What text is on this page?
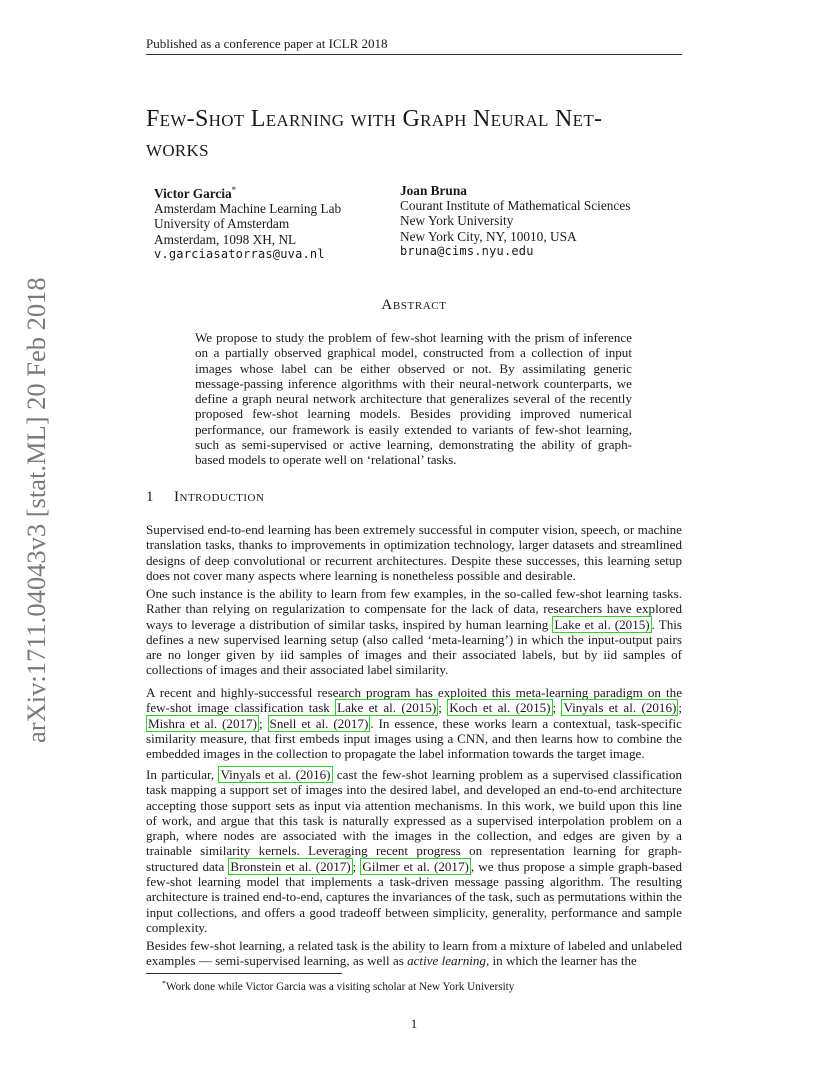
Published as a conference paper at ICLR 2018
arXiv:1711.04043v3 [stat.ML] 20 Feb 2018
Few-Shot Learning with Graph Neural Net-
works
Victor Garcia*
Amsterdam Machine Learning Lab
University of Amsterdam
Amsterdam, 1098 XH, NL
v.garciasatorras@uva.nl
Joan Bruna
Courant Institute of Mathematical Sciences
New York University
New York City, NY, 10010, USA
bruna@cims.nyu.edu
Abstract
We propose to study the problem of few-shot learning with the prism of inference on a partially observed graphical model, constructed from a collection of input images whose label can be either observed or not. By assimilating generic message-passing inference algorithms with their neural-network counterparts, we define a graph neural network architecture that generalizes several of the recently proposed few-shot learning models. Besides providing improved numerical performance, our framework is easily extended to variants of few-shot learning, such as semi-supervised or active learning, demonstrating the ability of graph-based models to operate well on ‘relational’ tasks.
1 Introduction

Supervised end-to-end learning has been extremely successful in computer vision, speech, or machine translation tasks, thanks to improvements in optimization technology, larger datasets and streamlined designs of deep convolutional or recurrent architectures. Despite these successes, this learning setup does not cover many aspects where learning is nonetheless possible and desirable.

One such instance is the ability to learn from few examples, in the so-called few-shot learning tasks. Rather than relying on regularization to compensate for the lack of data, researchers have explored ways to leverage a distribution of similar tasks, inspired by human learning Lake et al. (2015) . This defines a new supervised learning setup (also called ‘meta-learning’) in which the input-output pairs are no longer given by iid samples of images and their associated labels, but by iid samples of collections of images and their associated label similarity.

A recent and highly-successful research program has exploited this meta-learning paradigm on the few-shot image classification task Lake et al. (2015) ; Koch et al. (2015) ; Vinyals et al. (2016) ; Mishra et al. (2017) ; Snell et al. (2017) . In essence, these works learn a contextual, task-specific similarity measure, that first embeds input images using a CNN, and then learns how to combine the embedded images in the collection to propagate the label information towards the target image.

In particular, Vinyals et al. (2016) cast the few-shot learning problem as a supervised classification task mapping a support set of images into the desired label, and developed an end-to-end architecture accepting those support sets as input via attention mechanisms. In this work, we build upon this line of work, and argue that this task is naturally expressed as a supervised interpolation problem on a graph, where nodes are associated with the images in the collection, and edges are given by a trainable similarity kernels. Leveraging recent progress on representation learning for graph-structured data Bronstein et al. (2017) ; Gilmer et al. (2017) , we thus propose a simple graph-based few-shot learning model that implements a task-driven message passing algorithm. The resulting architecture is trained end-to-end, captures the invariances of the task, such as permutations within the input collections, and offers a good tradeoff between simplicity, generality, performance and sample complexity.

Besides few-shot learning, a related task is the ability to learn from a mixture of labeled and unlabeled examples — semi-supervised learning, as well as active learning, in which the learner has the

*Work done while Victor Garcia was a visiting scholar at New York University
1
